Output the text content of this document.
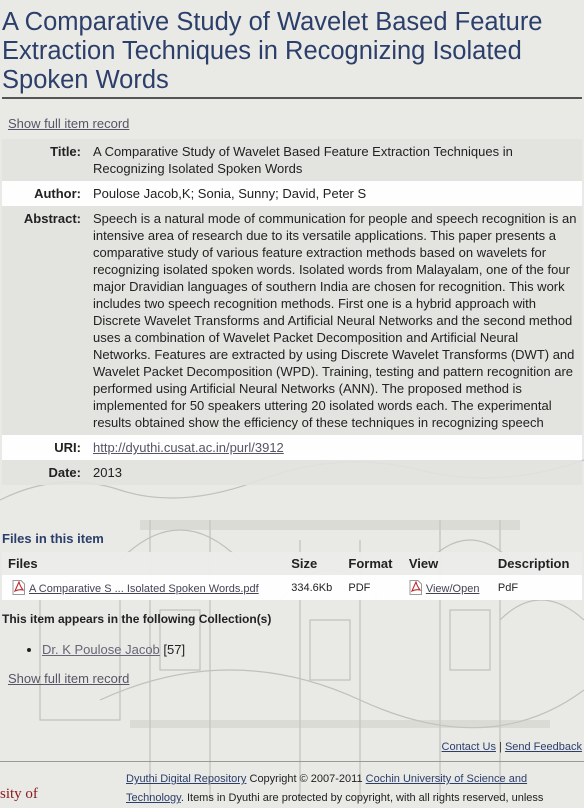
A Comparative Study of Wavelet Based Feature Extraction Techniques in Recognizing Isolated Spoken Words
Show full item record
Title:	A Comparative Study of Wavelet Based Feature Extraction Techniques in Recognizing Isolated Spoken Words
Author:	Poulose Jacob,K; Sonia, Sunny; David, Peter S
Abstract:	Speech is a natural mode of communication for people and speech recognition is an intensive area of research due to its versatile applications. This paper presents a comparative study of various feature extraction methods based on wavelets for recognizing isolated spoken words. Isolated words from Malayalam, one of the four major Dravidian languages of southern India are chosen for recognition. This work includes two speech recognition methods. First one is a hybrid approach with Discrete Wavelet Transforms and Artificial Neural Networks and the second method uses a combination of Wavelet Packet Decomposition and Artificial Neural Networks. Features are extracted by using Discrete Wavelet Transforms (DWT) and Wavelet Packet Decomposition (WPD). Training, testing and pattern recognition are performed using Artificial Neural Networks (ANN). The proposed method is implemented for 50 speakers uttering 20 isolated words each. The experimental results obtained show the efficiency of these techniques in recognizing speech
URI:	http://dyuthi.cusat.ac.in/purl/3912
Date:	2013
Files in this item
Files	Size	Format	View	Description
A Comparative S ... Isolated Spoken Words.pdf	334.6Kb	PDF	View/Open	PdF
This item appears in the following Collection(s)
• Dr. K Poulose Jacob [57]
Show full item record
Contact Us | Send Feedback
Dyuthi Digital Repository Copyright © 2007-2011 Cochin University of Science and Technology. Items in Dyuthi are protected by copyright, with all rights reserved, unless
sity of
